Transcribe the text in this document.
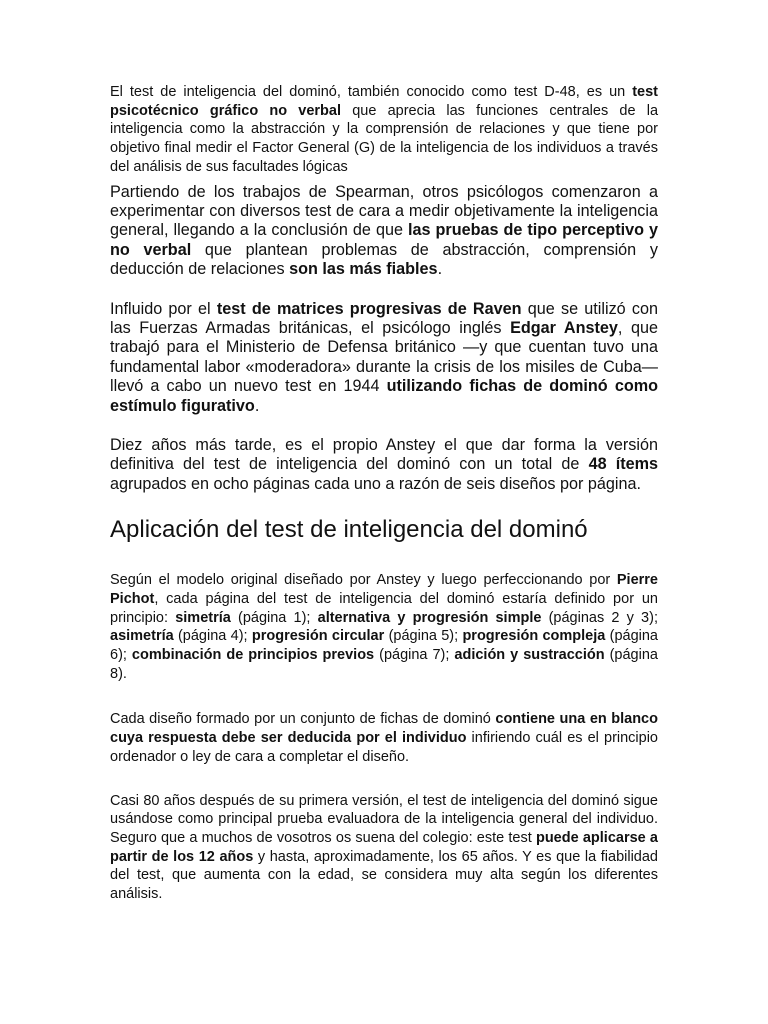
El test de inteligencia del dominó, también conocido como test D-48, es un test psicotécnico gráfico no verbal que aprecia las funciones centrales de la inteligencia como la abstracción y la comprensión de relaciones y que tiene por objetivo final medir el Factor General (G) de la inteligencia de los individuos a través del análisis de sus facultades lógicas

Partiendo de los trabajos de Spearman, otros psicólogos comenzaron a experimentar con diversos test de cara a medir objetivamente la inteligencia general, llegando a la conclusión de que las pruebas de tipo perceptivo y no verbal que plantean problemas de abstracción, comprensión y deducción de relaciones son las más fiables.

Influido por el test de matrices progresivas de Raven que se utilizó con las Fuerzas Armadas británicas, el psicólogo inglés Edgar Anstey, que trabajó para el Ministerio de Defensa británico —y que cuentan tuvo una fundamental labor «moderadora» durante la crisis de los misiles de Cuba— llevó a cabo un nuevo test en 1944 utilizando fichas de dominó como estímulo figurativo.

Diez años más tarde, es el propio Anstey el que dar forma la versión definitiva del test de inteligencia del dominó con un total de 48 ítems agrupados en ocho páginas cada uno a razón de seis diseños por página.

Aplicación del test de inteligencia del dominó

Según el modelo original diseñado por Anstey y luego perfeccionando por Pierre Pichot, cada página del test de inteligencia del dominó estaría definido por un principio: simetría (página 1); alternativa y progresión simple (páginas 2 y 3); asimetría (página 4); progresión circular (página 5); progresión compleja (página 6); combinación de principios previos (página 7); adición y sustracción (página 8).

Cada diseño formado por un conjunto de fichas de dominó contiene una en blanco cuya respuesta debe ser deducida por el individuo infiriendo cuál es el principio ordenador o ley de cara a completar el diseño.

Casi 80 años después de su primera versión, el test de inteligencia del dominó sigue usándose como principal prueba evaluadora de la inteligencia general del individuo. Seguro que a muchos de vosotros os suena del colegio: este test puede aplicarse a partir de los 12 años y hasta, aproximadamente, los 65 años. Y es que la fiabilidad del test, que aumenta con la edad, se considera muy alta según los diferentes análisis.
